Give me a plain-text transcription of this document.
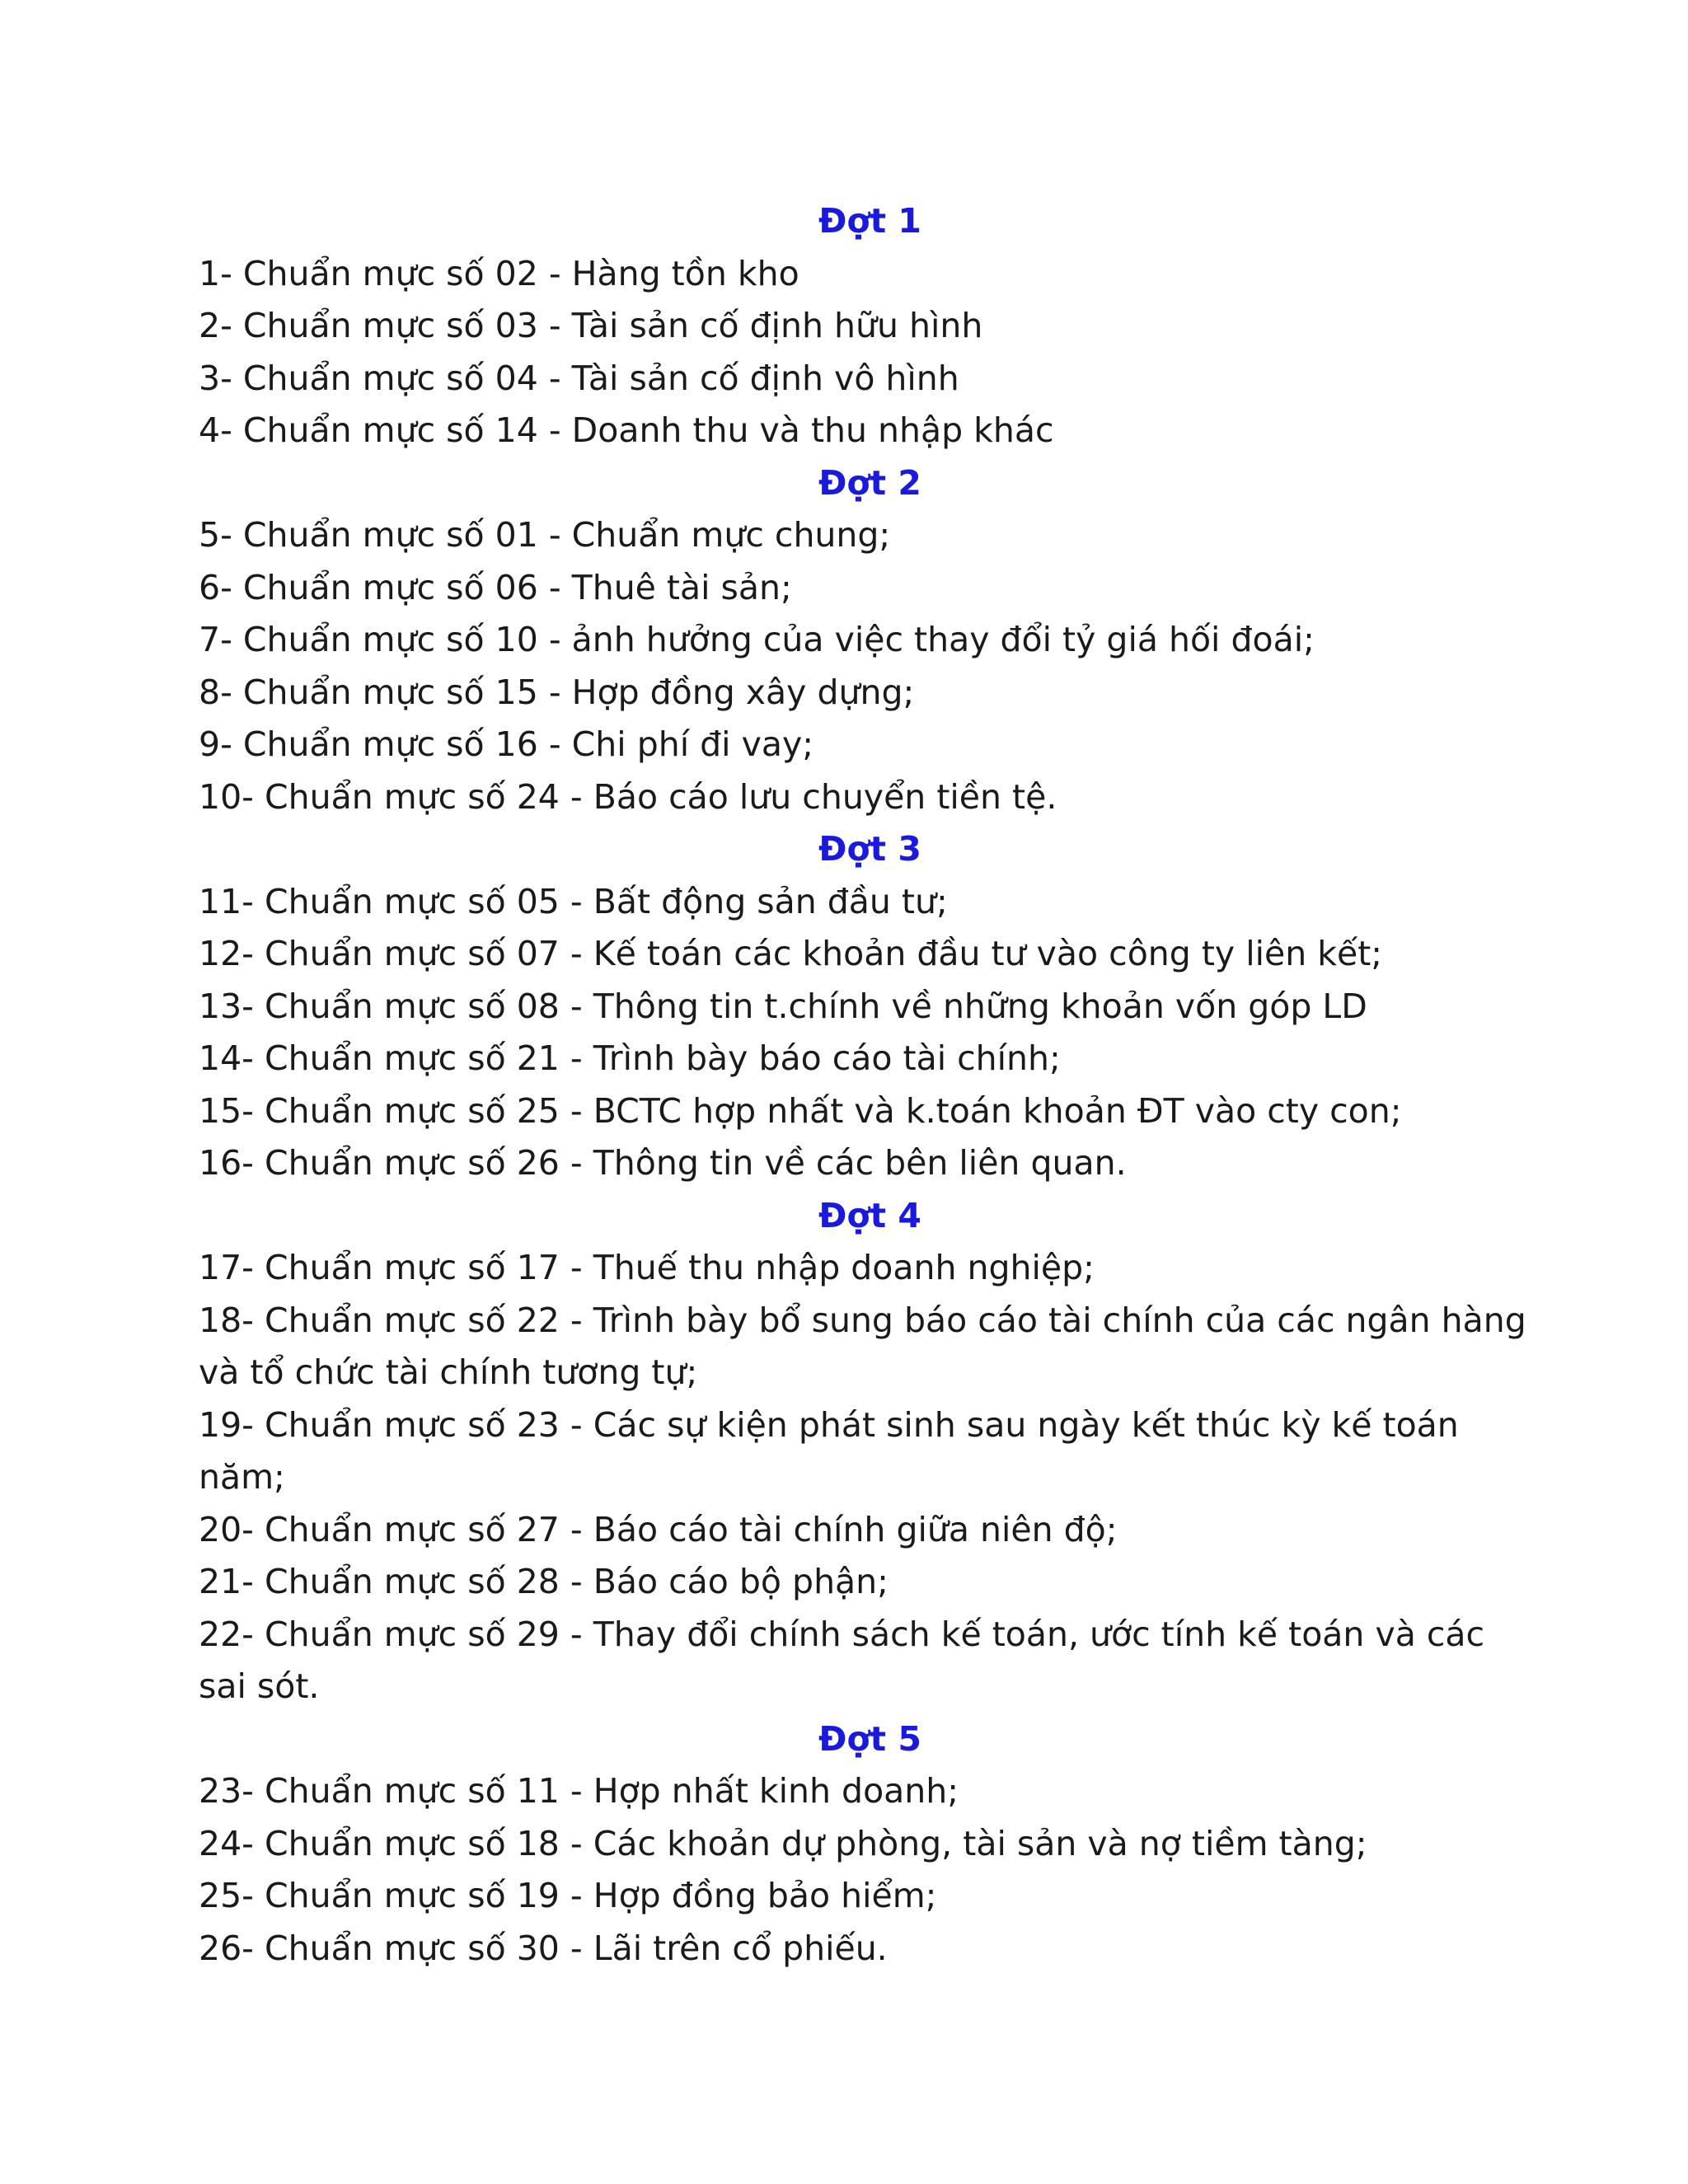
Đợt 1
1- Chuẩn mực số 02 - Hàng tồn kho
2- Chuẩn mực số 03 - Tài sản cố định hữu hình
3- Chuẩn mực số 04 - Tài sản cố định vô hình
4- Chuẩn mực số 14 - Doanh thu và thu nhập khác
Đợt 2
5- Chuẩn mực số 01 - Chuẩn mực chung;
6- Chuẩn mực số 06 - Thuê tài sản;
7- Chuẩn mực số 10 - ảnh hưởng của việc thay đổi tỷ giá hối đoái;
8- Chuẩn mực số 15 - Hợp đồng xây dựng;
9- Chuẩn mực số 16 - Chi phí đi vay;
10- Chuẩn mực số 24 - Báo cáo lưu chuyển tiền tệ.
Đợt 3
11- Chuẩn mực số 05 - Bất động sản đầu tư;
12- Chuẩn mực số 07 - Kế toán các khoản đầu tư vào công ty liên kết;
13- Chuẩn mực số 08 - Thông tin t.chính về những khoản vốn góp LD
14- Chuẩn mực số 21 - Trình bày báo cáo tài chính;
15- Chuẩn mực số 25 - BCTC hợp nhất và k.toán khoản ĐT vào cty con;
16- Chuẩn mực số 26 - Thông tin về các bên liên quan.
Đợt 4
17- Chuẩn mực số 17 - Thuế thu nhập doanh nghiệp;
18- Chuẩn mực số 22 - Trình bày bổ sung báo cáo tài chính của các ngân hàng và tổ chức tài chính tương tự;
19- Chuẩn mực số 23 - Các sự kiện phát sinh sau ngày kết thúc kỳ kế toán năm;
20- Chuẩn mực số 27 - Báo cáo tài chính giữa niên độ;
21- Chuẩn mực số 28 - Báo cáo bộ phận;
22- Chuẩn mực số 29 - Thay đổi chính sách kế toán, ước tính kế toán và các sai sót.
Đợt 5
23- Chuẩn mực số 11 - Hợp nhất kinh doanh;
24- Chuẩn mực số 18 - Các khoản dự phòng, tài sản và nợ tiềm tàng;
25- Chuẩn mực số 19 - Hợp đồng bảo hiểm;
26- Chuẩn mực số 30 - Lãi trên cổ phiếu.
